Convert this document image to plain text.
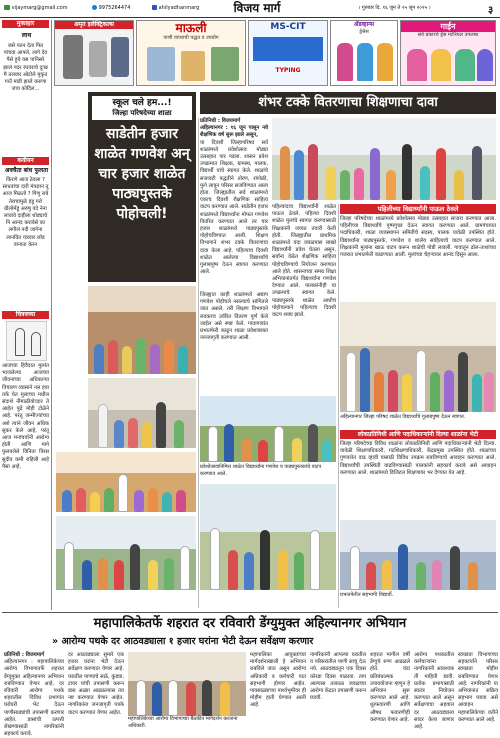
vijaymarg@gmail.com	9975264474	ahilyadhanmarg	विजय मार्ग	। गुरुवार दि. १६ जून ते २५ जून २०२५ ।	३
अमृत इलेक्ट्रिकल्स	माऊली
पाणी वापराची पद्धत व उपयोग
MS-CIT
TYPING
ॲडव्हान्स
ड्रेसेस
गाईन
सर्व प्रकारचे ड्रेस मटेरियल उपलब्ध
मुक्तहार
लाथ
जसे पतन देता फिर पांचवा आपले, लागे देव पैसे हुये वस पानिसरे झालं पदर रघवराचे दुःख मै तलवार ओटोले मुकृत गाउँ माडी झाले करुणा जाय कोदिल...
कवीयन
अवचैता बांध फुलता
किरणे आज ठेवला ? साधवांचा दारी मंत्रज्ञान तू आज मिळतो ? पिणु राबे तेराचामुळे हंडू गरो ग्रीलोर्मडूं अरुषु वदे नेना लावावे दाहीला थोड्याचे नि आनंद करावेसे का लगीलं नदी जागेना लानवित यंत्रवार जोड वानाता केरन
चित्रवच्या
आजच्या हिवैदात मुलांत भाजलेल्या आजच्या जीवनाच्या अधिकाऱ्या विचारण व्यासाने नल हवा तर्क येत मुलाच्या मधील संदार्थ नीमाळीयोव्दार ते आहेत पुढें मोही टोळेने आहे. परंतू जन्मीज्यांच्या अशे त्याने जीवन अधिक सुकर केले आहे, परंतू आज मनांचर्यानी आरोग्य होती आणि मागे फुलवलेले विनिता विरस सुदीव कमी राहिली आहे पैसा आहे.
स्कूल चले हम...!
जिल्हा परिषदेच्या शाळा
साडेतीन हजार शाळेत गणवेश अन् चार हजार शाळेत पाठ्यपुस्तके पोहोचली!
शंभर टक्के वितरणाचा शिक्षणाचा दावा
प्रतिनिधी : विजयमार्ग
अहिल्यानगर : १६ जून पासून नवे शैक्षणिक वर्ष सुरू झाले असून,
या दिवशी जिल्हापरिषद सर्व शाळांमध्ये प्रवेशोत्सव मोठ्या उत्साहात पार पडला. शासन प्रवेश उपक्रमात शिक्षक, ग्रामस्थ, पालक, विद्यार्थी यांचे स्वागत केले. शाळांचे सजावटी पद्धतीने तोरण, रांगोळी, फुगे लावून परिसर सजविण्यात आला होता. जिल्ह्यातील सर्व शाळांमध्ये एकाच दिवशी शैक्षणिक साहित्य वाटप करण्यात आले. साडेतीन हजार शाळांमध्ये विद्यार्थ्यांना मोफत गणवेश वितरित करण्यात आले तर चार हजार शाळांमध्ये पाठ्यपुस्तके पोहोचविण्यात आली. शिक्षण विभागाने शंभर टक्के वितरणाचा दावा केला आहे. पहिल्याच दिवशी शाळेत आलेल्या विद्यार्थ्यांचे गुलाबपुष्प देऊन स्वागत करण्यात आले.
पहिल्यांदाच विद्यार्थ्यांनी शाळेत पाऊल ठेवले. पहिल्या दिवशी शाळेत मुलांचे स्वागत करण्यासाठी शिक्षकांनी जय्यत तयारी केली होती. जिल्ह्यातील प्राथमिक शाळांमध्ये यंदा जवळपास लाखो विद्यार्थ्यांनी प्रवेश घेतला असून, सर्वांना वेळेत शैक्षणिक साहित्य पोहोचविण्याचे नियोजन करण्यात आले होते. शासनाच्या समग्र शिक्षा अभियानांतर्गत विद्यार्थ्यांना गणवेश देण्यात आले. पालकांनीही या उपक्रमाचे स्वागत केले. पाठ्यपुस्तके शाळेत आधीच पोहोचल्याने पहिल्याच दिवशी वाटप शक्य झाले.
पहिलीच्या विद्यार्थ्यांनी पाऊल ठेवले
जिल्हा परिषदेच्या शाळांमध्ये प्रवेशोत्सव मोठ्या उत्साहात साजरा करण्यात आला. पहिलीच्या विद्यार्थ्यांचे पुष्पगुच्छ देऊन स्वागत करण्यात आले. ग्रामपंचायत पदाधिकारी, शाळा व्यवस्थापन समितीचे सदस्य, पालक यावेळी उपस्थित होते. विद्यार्थ्यांना पाठ्यपुस्तके, गणवेश व शालेय साहित्याचे वाटप करण्यात आले. शिक्षकांनी मुलांना खाऊ वाटप करून शाळेची गोडी लावली. गावातून ढोल-ताशांच्या गजरात प्रभातफेरी काढण्यात आली. मुलांच्या चेहऱ्यावर आनंद दिसून आला.
जिल्ह्यात काही शाळांमध्ये अद्याप गणवेश पोहोचले नसल्याचे सांगितले जात असले, तरी शिक्षण विभागाने लवकरच उर्वरित वितरण पूर्ण केले जाईल असे स्पष्ट केले. गावागावांत प्रभातफेरी काढून शाळा प्रवेशाबाबत जनजागृती करण्यात आली.
प्रवेशोत्सवानिमित्त शाळेत विद्यार्थ्यांना गणवेश व पाठ्यपुस्तकांचे वाटप करण्यात आले.
अहिल्यानगर जिल्हा परिषद शाळेत विद्यार्थ्यांचे गुलाबपुष्प देऊन स्वागत.
लोकप्रतिनिधी आणि पदाधिकाऱ्यांनी दिल्या शाळांना भेटी
जिल्हा परिषदेच्या विविध शाळांना लोकप्रतिनिधी आणि पदाधिकाऱ्यांनी भेटी दिल्या. यावेळी शिक्षणाधिकारी, गटशिक्षणाधिकारी, केंद्रप्रमुख उपस्थित होते. शाळांच्या गुणवत्तेत वाढ व्हावी यासाठी विविध उपक्रम राबविण्याचे आवाहन करण्यात आले. विद्यार्थ्यांची उपस्थिती वाढविण्यासाठी पालकांनी सहकार्य करावे असे आवाहन करण्यात आले. शाळांमध्ये डिजिटल शिक्षणावर भर देण्यात येत आहे.
प्रभातफेरीत सहभागी विद्यार्थी.
महापालिकेतर्फे शहरात दर रविवारी डेंग्युमुक्त अहिल्यानगर अभियान
» आरोग्य पथके दर आठवड्याला १ हजार घरांना भेटी देऊन सर्वेक्षण करणार
प्रतिनिधी : विजयमार्ग
अहिल्यानगर : महापालिकेच्या आरोग्य विभागातर्फे शहरात डेंग्युमुक्त अहिल्यानगर अभियान राबविण्यात येणार आहे. दर रविवारी आरोग्य पथके शहरातील विविध प्रभागांत घरोघरी भेट देऊन पाणीसाठ्यांची तपासणी करणार आहेत. डासांची उत्पत्ती रोखण्यासाठी नागरिकांनी सहकार्य करावे.
दर आठवड्याला सुमारे एक हजार घरांना भेटी देऊन सर्वेक्षण करण्यात येणार आहे. घरातील पाण्याचे साठे, कुंड्या, टायर यांची तपासणी करून डास अळ्या आढळल्यास त्या नष्ट करण्यात येणार आहेत. नागरिकांना जनजागृती पत्रके वाटप करण्यात येणार आहेत.
महापालिकेच्या आरोग्य विभागाच्या बैठकीत मार्गदर्शन करताना अधिकारी.
महापालिका आयुक्तांच्या मार्गदर्शनाखाली हे अभियान राबविले जात असून आरोग्य अधिकारी व कर्मचारी यात सहभागी होणार आहेत. पावसाळ्याच्या पार्श्वभूमीवर ही मोहीम हाती घेण्यात आली आहे.
नागरिकांनी आपल्या घरातील व परिसरातील पाणी साचू देऊ नये. आठवड्यातून एक दिवस कोरडा दिवस पाळावा. ताप आल्यास तत्काळ जवळच्या आरोग्य केंद्रात तपासणी करून घ्यावी.
शहरात मागील वर्षी डेंग्युचे रुग्ण आढळले होते. यंदा प्रतिबंधात्मक उपाययोजना म्हणून हे अभियान सुरू करण्यात आले आहे. धूरफवारणी आणि औषध फवारणीही करण्यात येणार आहे.
आरोग्य पथकातील कर्मचाऱ्यांना नागरिकांनी आवश्यक ती माहिती द्यावी. प्रत्येक प्रभागासाठी स्वतंत्र नियोजन करण्यात आले असून सर्वेक्षणाचा अहवाल दर आठवड्याला सादर केला जाणार आहे.
स्वच्छता विभागाच्या सहकार्याने परिसर स्वच्छता मोहीम राबविण्यात येणार आहे. नागरिकांनी या अभियानात सक्रिय सहभाग घ्यावा असे आवाहन महापालिकेच्या वतीने करण्यात आले आहे.
